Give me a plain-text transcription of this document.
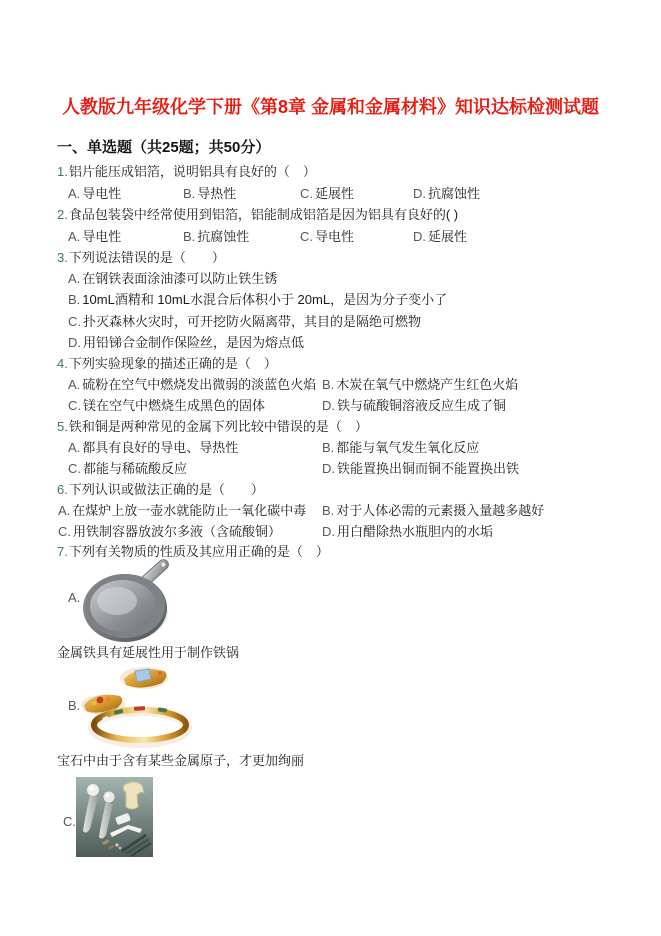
人教版九年级化学下册《第8章 金属和金属材料》知识达标检测试题
一、单选题（共25题；共50分）
1.铝片能压成铝箔，说明铝具有良好的（　）
A. 导电性	B. 导热性	C. 延展性	D. 抗腐蚀性
2.食品包装袋中经常使用到铝箔，铝能制成铝箔是因为铝具有良好的( )
A. 导电性	B. 抗腐蚀性	C. 导电性	D. 延展性
3.下列说法错误的是（　　）
A. 在钢铁表面涂油漆可以防止铁生锈
B. 10mL酒精和 10mL水混合后体积小于 20mL，是因为分子变小了
C. 扑灭森林火灾时，可开挖防火隔离带，其目的是隔绝可燃物
D. 用铅锑合金制作保险丝，是因为熔点低
4.下列实验现象的描述正确的是（　）
A. 硫粉在空气中燃烧发出微弱的淡蓝色火焰 B. 木炭在氧气中燃烧产生红色火焰
C. 镁在空气中燃烧生成黑色的固体	D. 铁与硫酸铜溶液反应生成了铜
5.铁和铜是两种常见的金属下列比较中错误的是（　）
A. 都具有良好的导电、导热性	B. 都能与氧气发生氧化反应
C. 都能与稀硫酸反应	D. 铁能置换出铜而铜不能置换出铁
6.下列认识或做法正确的是（　　）
A. 在煤炉上放一壶水就能防止一氧化碳中毒 B. 对于人体必需的元素摄入量越多越好
C. 用铁制容器放波尔多液（含硫酸铜）	D. 用白醋除热水瓶胆内的水垢
7.下列有关物质的性质及其应用正确的是（　）
A.
金属铁具有延展性用于制作铁锅
B.
宝石中由于含有某些金属原子，才更加绚丽
C.
